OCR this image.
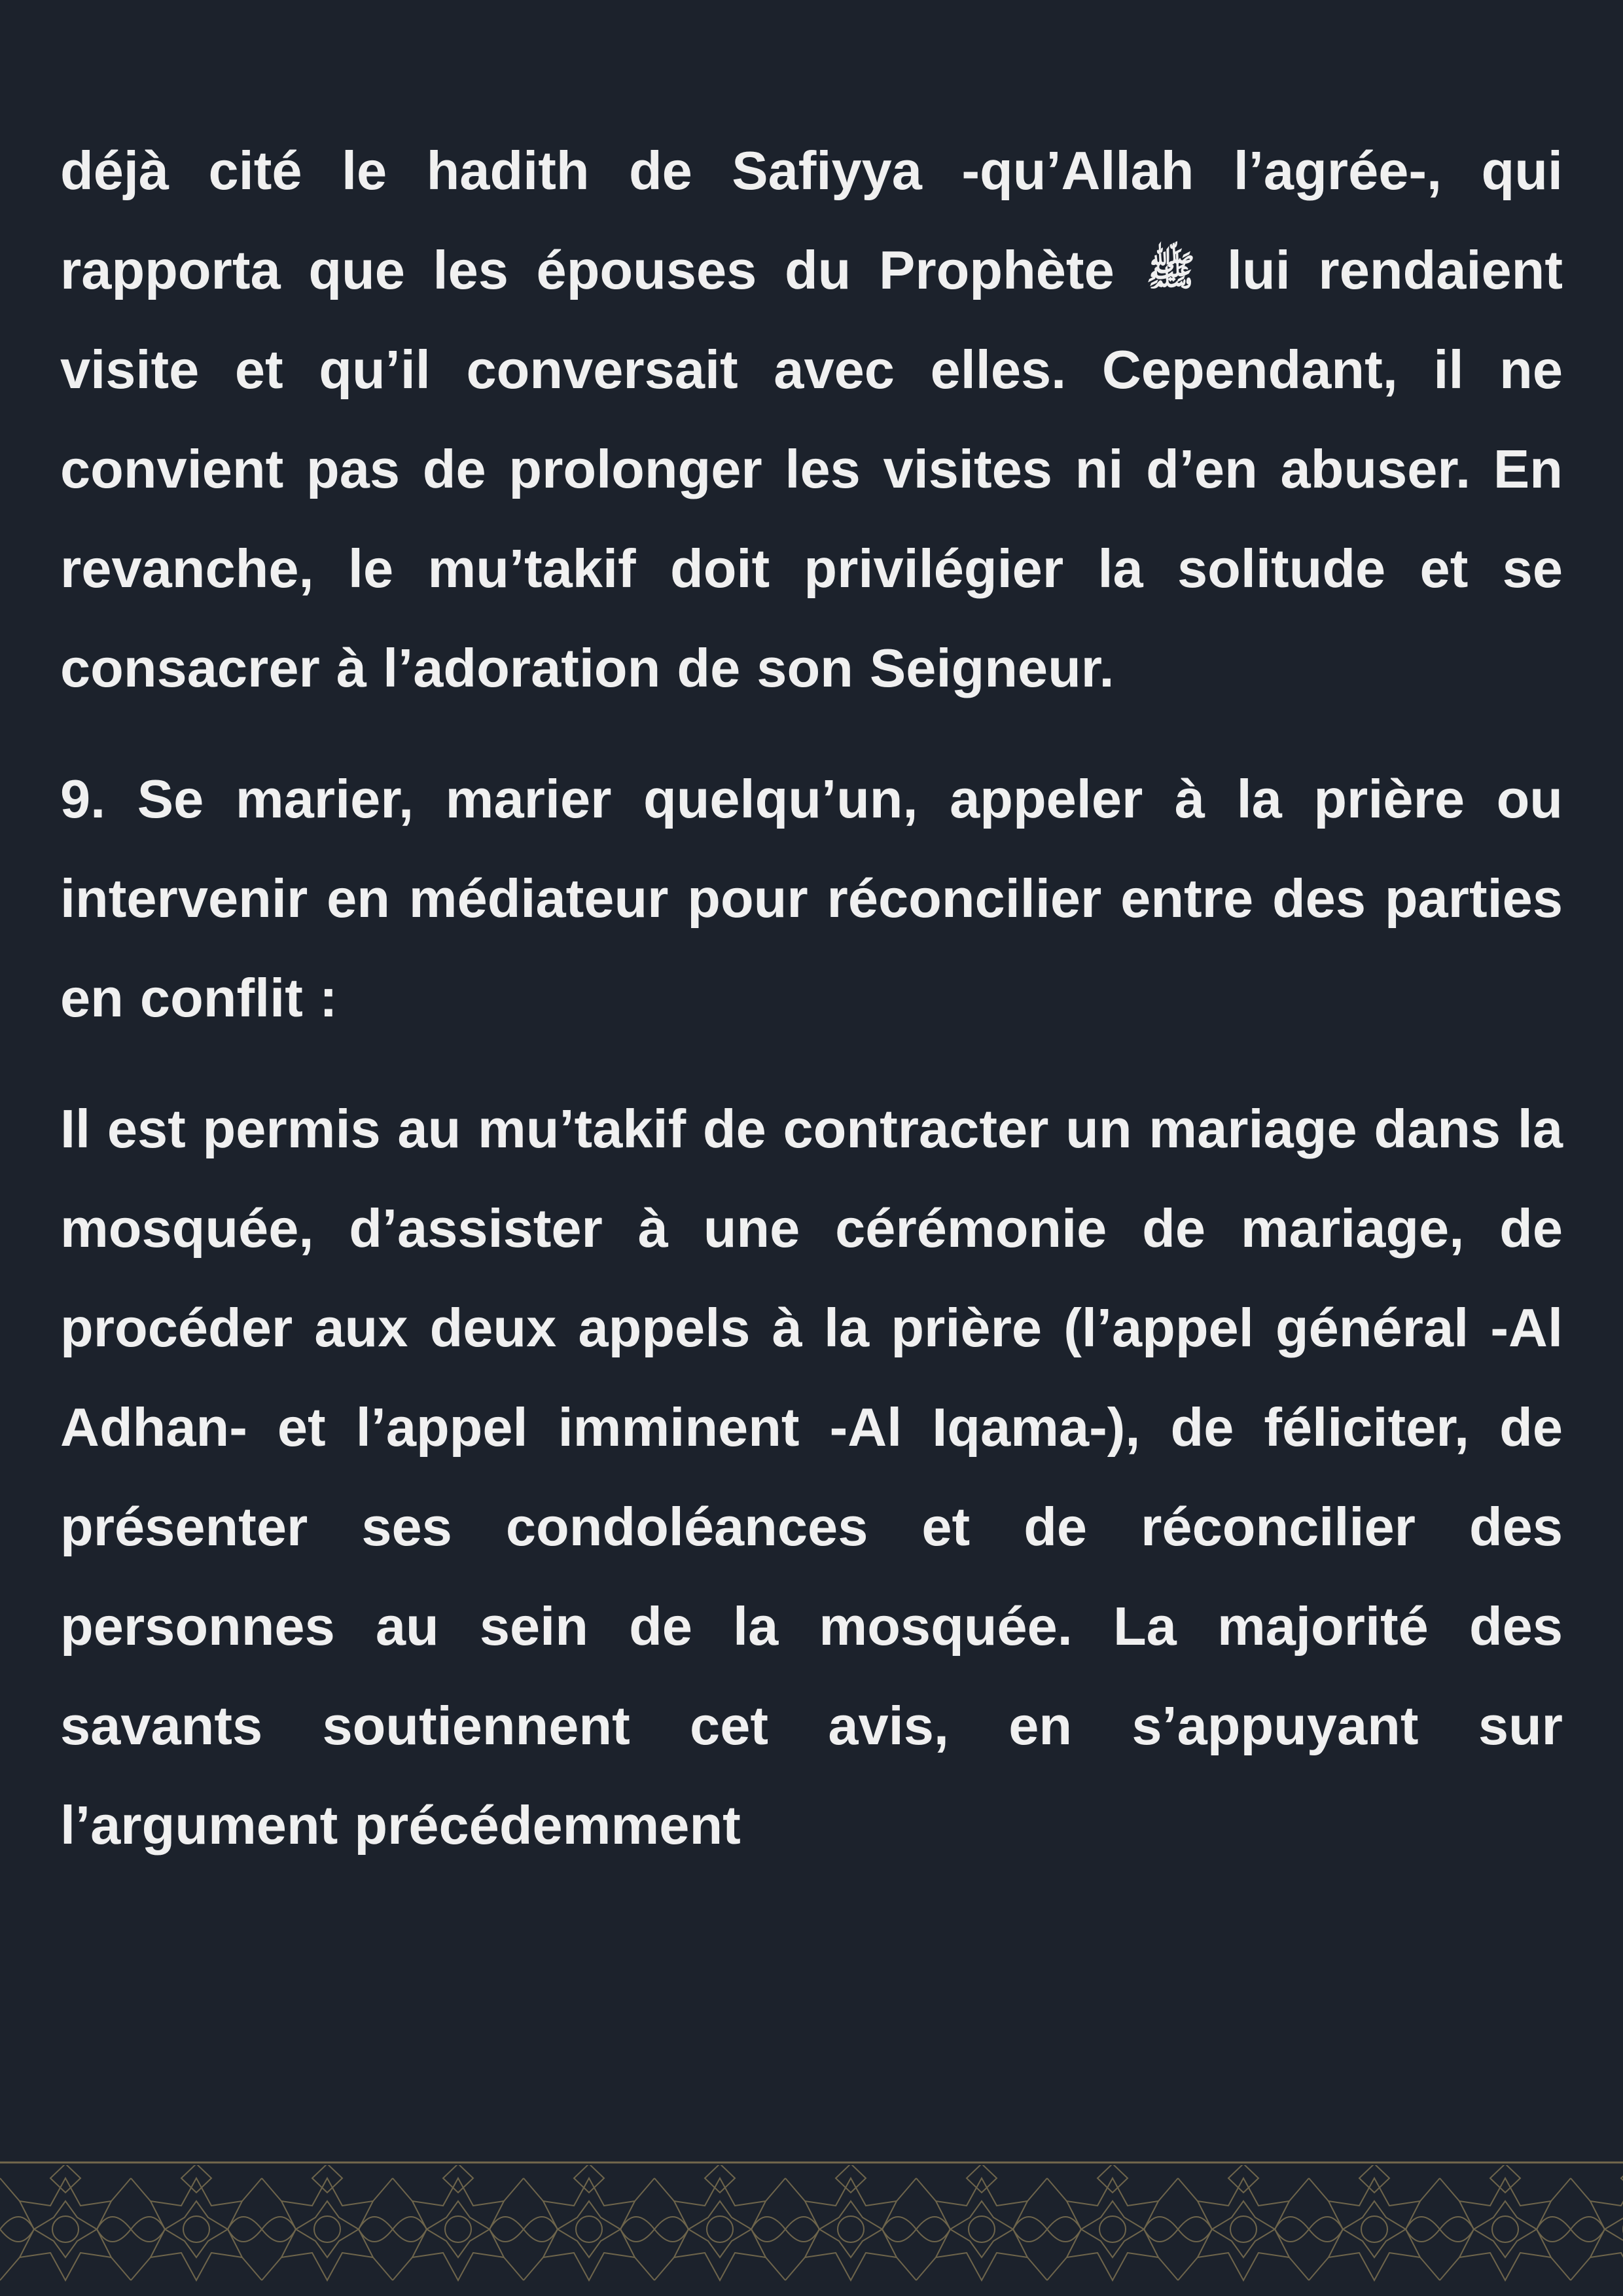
déjà cité le hadith de Safiyya -qu’Allah l’agrée-, qui rapporta que les épouses du Prophète ﷺ lui rendaient visite et qu’il conversait avec elles. Cependant, il ne convient pas de prolonger les visites ni d’en abuser. En revanche, le mu’takif doit privilégier la solitude et se consacrer à l’adoration de son Seigneur.

9. Se marier, marier quelqu’un, appeler à la prière ou intervenir en médiateur pour réconcilier entre des parties en conflit :

Il est permis au mu’takif de contracter un mariage dans la mosquée, d’assister à une cérémonie de mariage, de procéder aux deux appels à la prière (l’appel général -Al Adhan- et l’appel imminent -Al Iqama-), de féliciter, de présenter ses condoléances et de réconcilier des personnes au sein de la mosquée. La majorité des savants soutiennent cet avis, en s’appuyant sur l’argument précédemment
